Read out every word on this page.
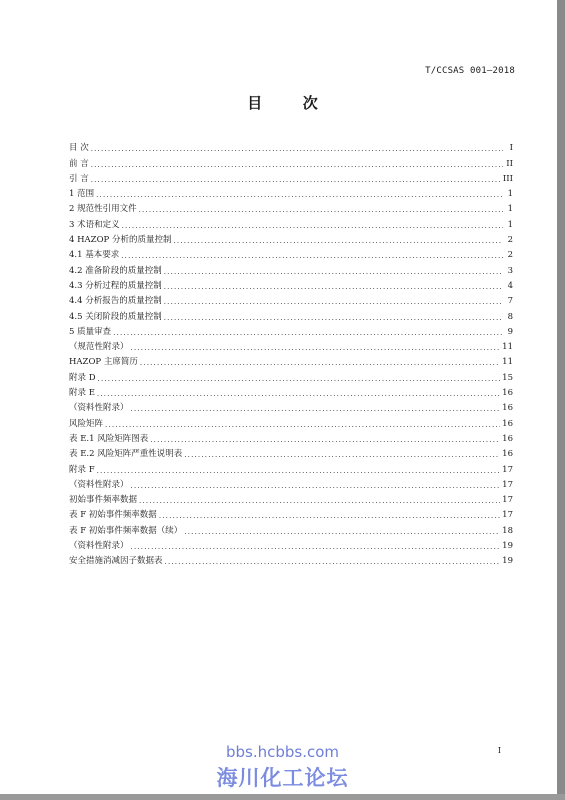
T/CCSAS 001—2018
目	次
目 次 .....	I
前 言 .....	II
引 言 .....	III
1 范围 .....	1
2 规范性引用文件 .....	1
3 术语和定义 .....	1
4 HAZOP 分析的质量控制 .....	2
4.1 基本要求 .....	2
4.2 准备阶段的质量控制 .....	3
4.3 分析过程的质量控制 .....	4
4.4 分析报告的质量控制 .....	7
4.5 关闭阶段的质量控制 .....	8
5 质量审查 .....	9
（规范性附录） .....	11
HAZOP 主席简历 .....	11
附录 D .....	15
附录 E .....	16
（资料性附录） .....	16
风险矩阵 .....	16
表 E.1 风险矩阵图表 .....	16
表 E.2 风险矩阵严重性说明表 .....	16
附录 F .....	17
（资料性附录） .....	17
初始事件频率数据 .....	17
表 F 初始事件频率数据 .....	17
表 F 初始事件频率数据（续） .....	18
（资料性附录） .....	19
安全措施消减因子数据表 .....	19
I
bbs.hcbbs.com
海川化工论坛
